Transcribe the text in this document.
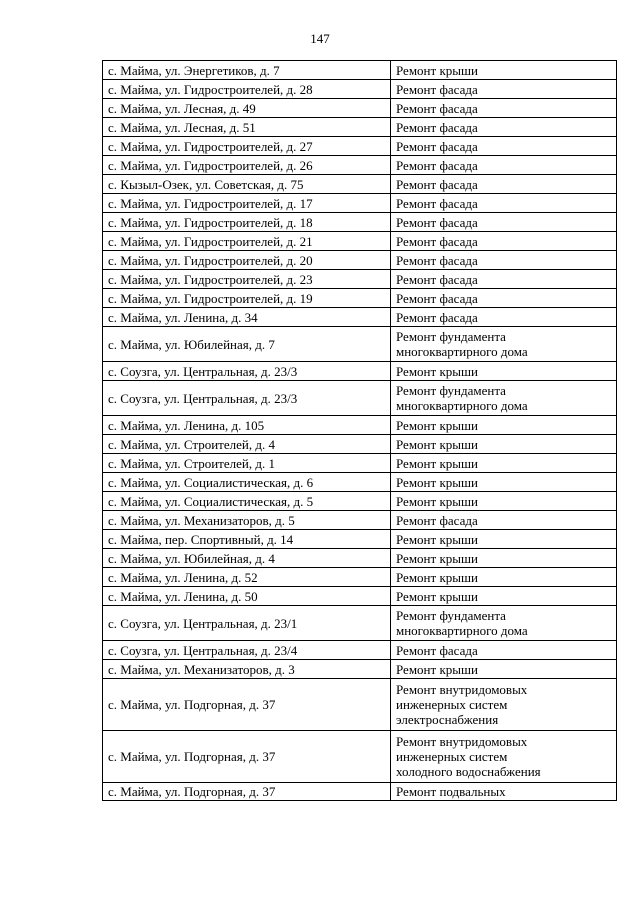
147
с. Майма, ул. Энергетиков, д. 7	Ремонт крыши

с. Майма, ул. Гидростроителей, д. 28	Ремонт фасада

с. Майма, ул. Лесная, д. 49	Ремонт фасада

с. Майма, ул. Лесная, д. 51	Ремонт фасада

с. Майма, ул. Гидростроителей, д. 27	Ремонт фасада

с. Майма, ул. Гидростроителей, д. 26	Ремонт фасада

с. Кызыл-Озек, ул. Советская, д. 75	Ремонт фасада

с. Майма, ул. Гидростроителей, д. 17	Ремонт фасада

с. Майма, ул. Гидростроителей, д. 18	Ремонт фасада

с. Майма, ул. Гидростроителей, д. 21	Ремонт фасада

с. Майма, ул. Гидростроителей, д. 20	Ремонт фасада

с. Майма, ул. Гидростроителей, д. 23	Ремонт фасада

с. Майма, ул. Гидростроителей, д. 19	Ремонт фасада

с. Майма, ул. Ленина, д. 34	Ремонт фасада

с. Майма, ул. Юбилейная, д. 7	Ремонт фундамента
многоквартирного дома

с. Соузга, ул. Центральная, д. 23/3	Ремонт крыши

с. Соузга, ул. Центральная, д. 23/3	Ремонт фундамента
многоквартирного дома

с. Майма, ул. Ленина, д. 105	Ремонт крыши

с. Майма, ул. Строителей, д. 4	Ремонт крыши

с. Майма, ул. Строителей, д. 1	Ремонт крыши

с. Майма, ул. Социалистическая, д. 6	Ремонт крыши

с. Майма, ул. Социалистическая, д. 5	Ремонт крыши

с. Майма, ул. Механизаторов, д. 5	Ремонт фасада

с. Майма, пер. Спортивный, д. 14	Ремонт крыши

с. Майма, ул. Юбилейная, д. 4	Ремонт крыши

с. Майма, ул. Ленина, д. 52	Ремонт крыши

с. Майма, ул. Ленина, д. 50	Ремонт крыши

с. Соузга, ул. Центральная, д. 23/1	Ремонт фундамента
многоквартирного дома

с. Соузга, ул. Центральная, д. 23/4	Ремонт фасада

с. Майма, ул. Механизаторов, д. 3	Ремонт крыши

с. Майма, ул. Подгорная, д. 37	Ремонт внутридомовых
инженерных систем
электроснабжения

с. Майма, ул. Подгорная, д. 37	Ремонт внутридомовых
инженерных систем
холодного водоснабжения

с. Майма, ул. Подгорная, д. 37	Ремонт подвальных
